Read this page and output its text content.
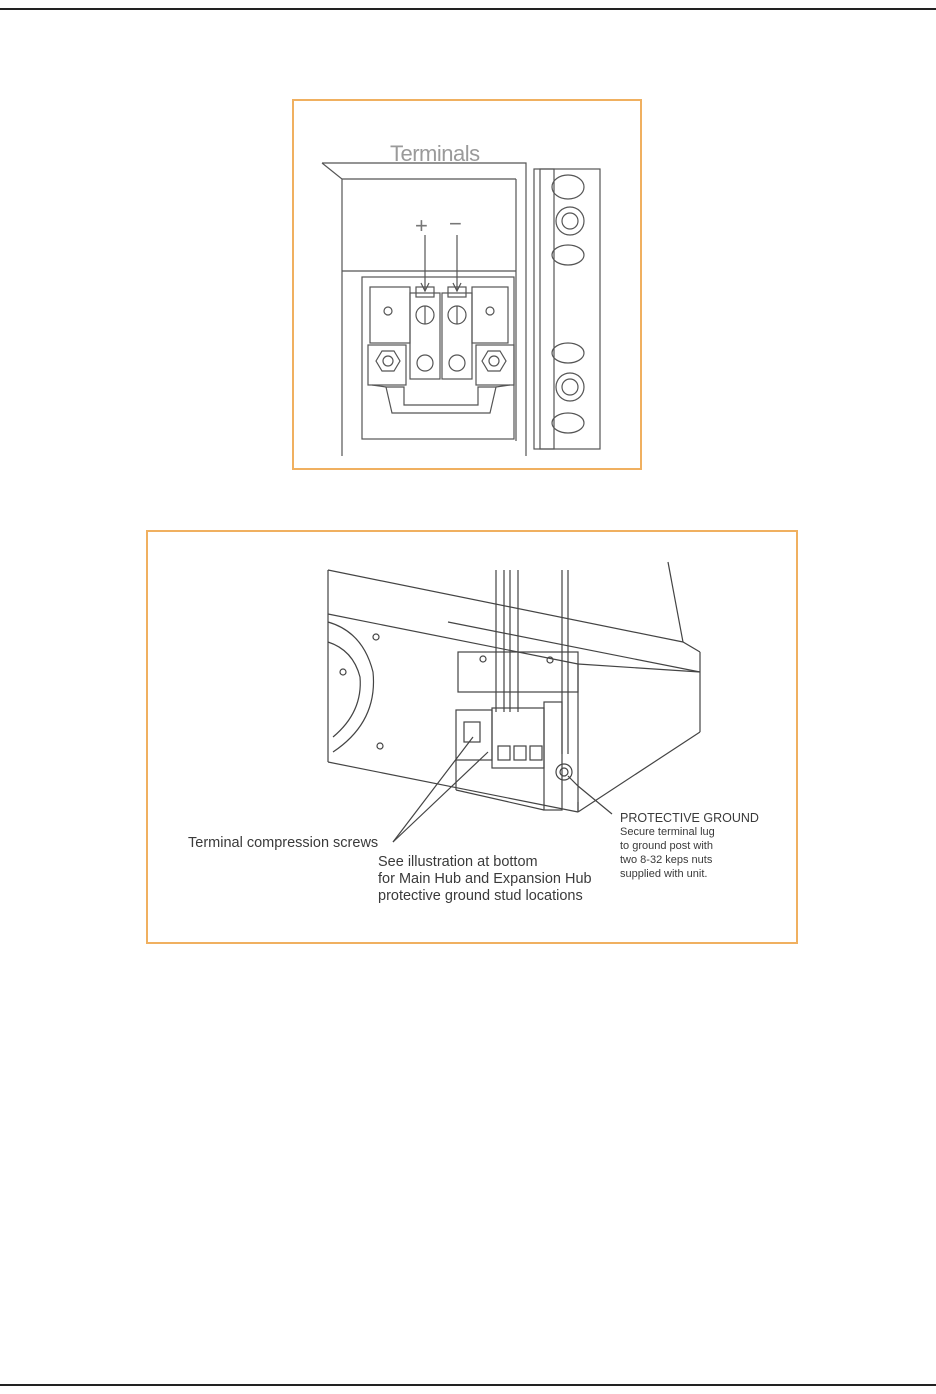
Terminals
+ −
Terminal compression screws
See illustration at bottom
for Main Hub and Expansion Hub
protective ground stud locations
PROTECTIVE GROUND
Secure terminal lug
to ground post with
two 8-32 keps nuts
supplied with unit.
